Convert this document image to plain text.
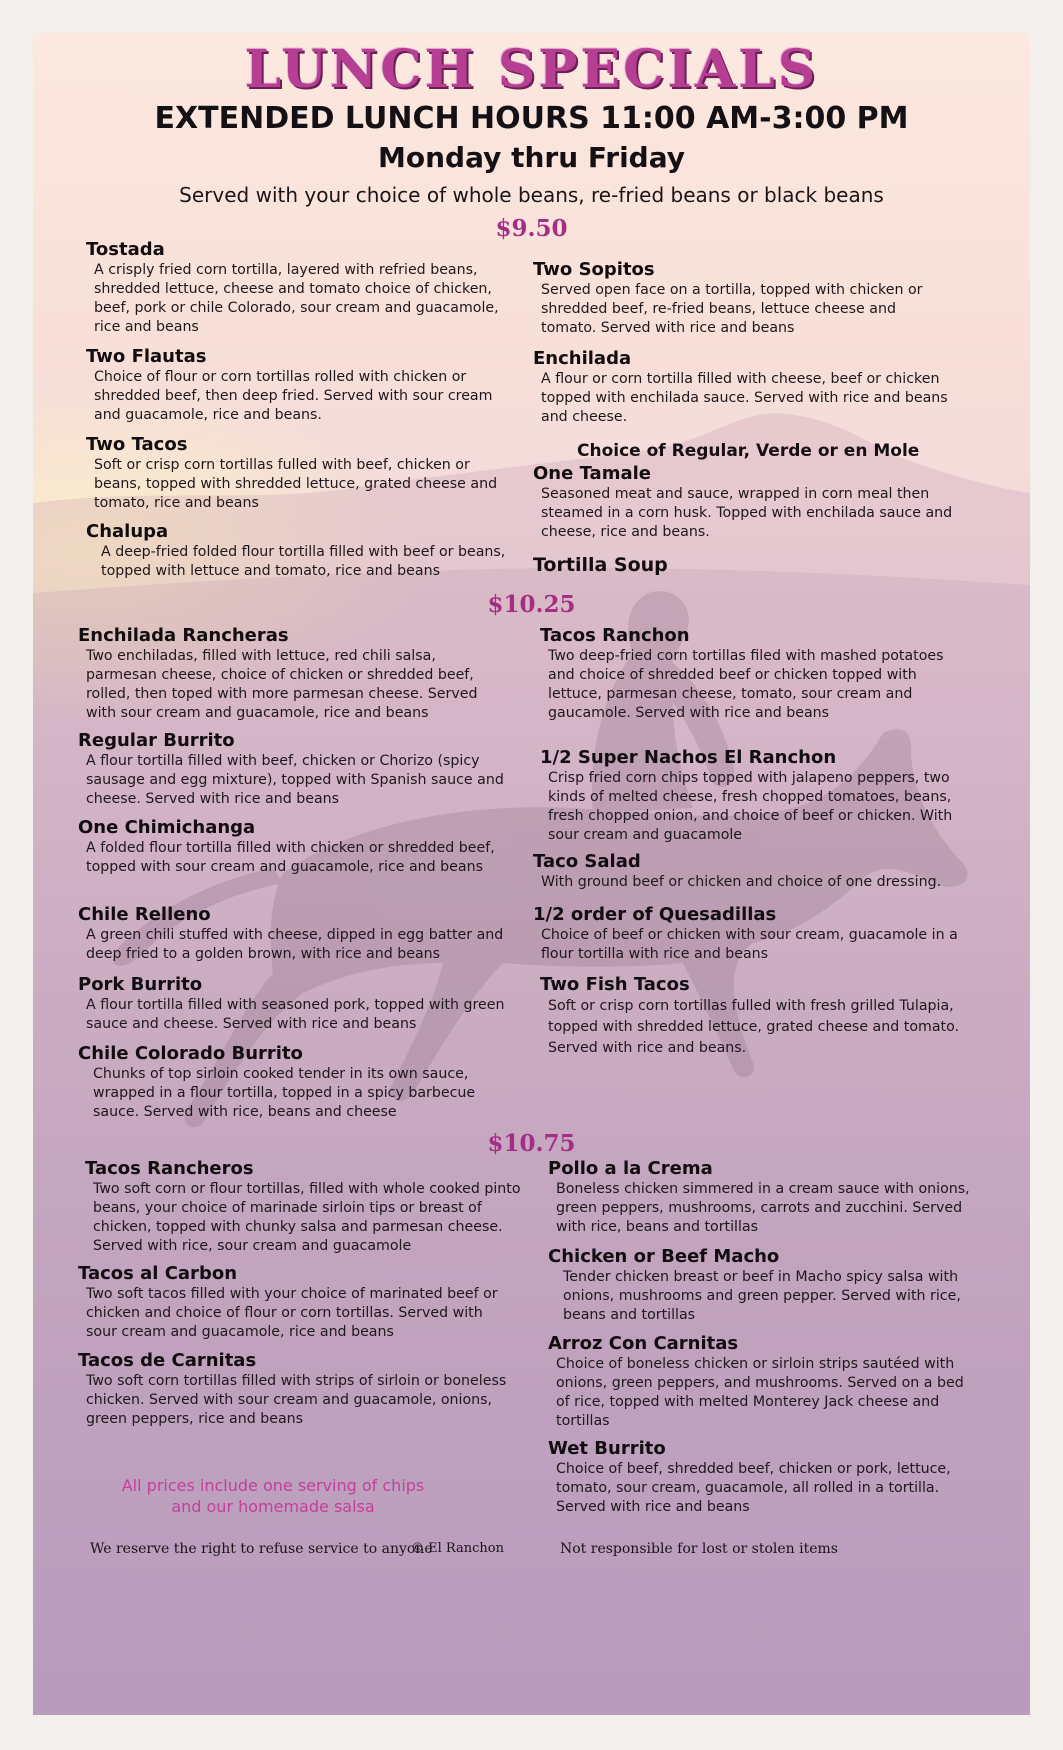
LUNCH SPECIALS
EXTENDED LUNCH HOURS 11:00 AM-3:00 PM
Monday thru Friday
Served with your choice of whole beans, re-fried beans or black beans
$9.50
Tostada
A crisply fried corn tortilla, layered with refried beans, shredded lettuce, cheese and tomato choice of chicken, beef, pork or chile Colorado, sour cream and guacamole, rice and beans
Two Flautas
Choice of flour or corn tortillas rolled with chicken or shredded beef, then deep fried. Served with sour cream and guacamole, rice and beans.
Two Tacos
Soft or crisp corn tortillas fulled with beef, chicken or beans, topped with shredded lettuce, grated cheese and tomato, rice and beans
Chalupa
A deep-fried folded flour tortilla filled with beef or beans, topped with lettuce and tomato, rice and beans
Two Sopitos
Served open face on a tortilla, topped with chicken or shredded beef, re-fried beans, lettuce cheese and tomato. Served with rice and beans
Enchilada
A flour or corn tortilla filled with cheese, beef or chicken topped with enchilada sauce. Served with rice and beans and cheese.
Choice of Regular, Verde or en Mole
One Tamale
Seasoned meat and sauce, wrapped in corn meal then steamed in a corn husk. Topped with enchilada sauce and cheese, rice and beans.
Tortilla Soup
$10.25
Enchilada Rancheras
Two enchiladas, filled with lettuce, red chili salsa, parmesan cheese, choice of chicken or shredded beef, rolled, then toped with more parmesan cheese. Served with sour cream and guacamole, rice and beans
Regular Burrito
A flour tortilla filled with beef, chicken or Chorizo (spicy sausage and egg mixture), topped with Spanish sauce and cheese. Served with rice and beans
One Chimichanga
A folded flour tortilla filled with chicken or shredded beef, topped with sour cream and guacamole, rice and beans
Chile Relleno
A green chili stuffed with cheese, dipped in egg batter and deep fried to a golden brown, with rice and beans
Pork Burrito
A flour tortilla filled with seasoned pork, topped with green sauce and cheese. Served with rice and beans
Chile Colorado Burrito
Chunks of top sirloin cooked tender in its own sauce, wrapped in a flour tortilla, topped in a spicy barbecue sauce. Served with rice, beans and cheese
Tacos Ranchon
Two deep-fried corn tortillas filed with mashed potatoes and choice of shredded beef or chicken topped with lettuce, parmesan cheese, tomato, sour cream and gaucamole. Served with rice and beans
1/2 Super Nachos El Ranchon
Crisp fried corn chips topped with jalapeno peppers, two kinds of melted cheese, fresh chopped tomatoes, beans, fresh chopped onion, and choice of beef or chicken. With sour cream and guacamole
Taco Salad
With ground beef or chicken and choice of one dressing.
1/2 order of Quesadillas
Choice of beef or chicken with sour cream, guacamole in a flour tortilla with rice and beans
Two Fish Tacos
Soft or crisp corn tortillas fulled with fresh grilled Tulapia, topped with shredded lettuce, grated cheese and tomato. Served with rice and beans.
$10.75
Tacos Rancheros
Two soft corn or flour tortillas, filled with whole cooked pinto beans, your choice of marinade sirloin tips or breast of chicken, topped with chunky salsa and parmesan cheese. Served with rice, sour cream and guacamole
Tacos al Carbon
Two soft tacos filled with your choice of marinated beef or chicken and choice of flour or corn tortillas. Served with sour cream and guacamole, rice and beans
Tacos de Carnitas
Two soft corn tortillas filled with strips of sirloin or boneless chicken. Served with sour cream and guacamole, onions, green peppers, rice and beans
Pollo a la Crema
Boneless chicken simmered in a cream sauce with onions, green peppers, mushrooms, carrots and zucchini. Served with rice, beans and tortillas
Chicken or Beef Macho
Tender chicken breast or beef in Macho spicy salsa with onions, mushrooms and green pepper. Served with rice, beans and tortillas
Arroz Con Carnitas
Choice of boneless chicken or sirloin strips sautéed with onions, green peppers, and mushrooms. Served on a bed of rice, topped with melted Monterey Jack cheese and tortillas
Wet Burrito
Choice of beef, shredded beef, chicken or pork, lettuce, tomato, sour cream, guacamole, all rolled in a tortilla. Served with rice and beans
All prices include one serving of chips
and our homemade salsa
We reserve the right to refuse service to anyone
© El Ranchon	Not responsible for lost or stolen items
